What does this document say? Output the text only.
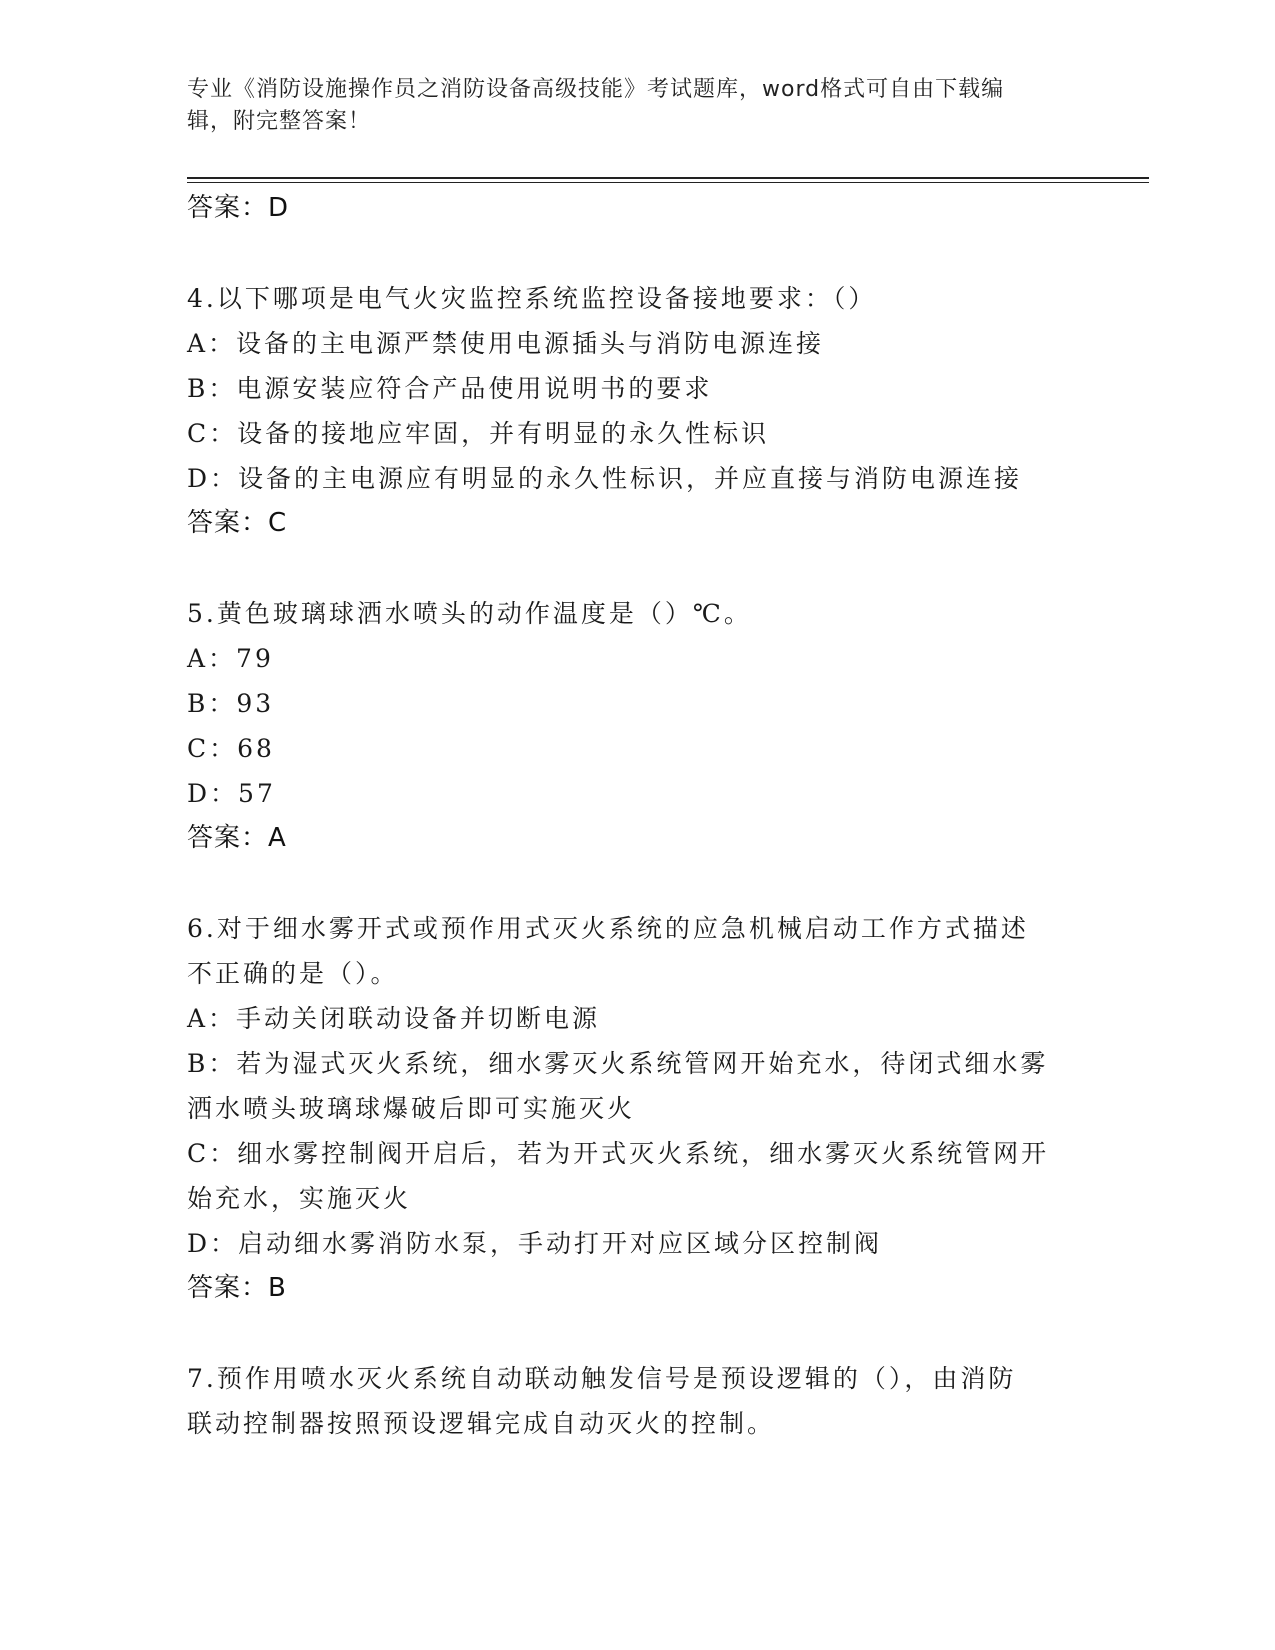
专业《消防设施操作员之消防设备高级技能》考试题库，word格式可自由下载编
辑，附完整答案！
答案：D
4.以下哪项是电气火灾监控系统监控设备接地要求：（）
A：设备的主电源严禁使用电源插头与消防电源连接
B：电源安装应符合产品使用说明书的要求
C：设备的接地应牢固，并有明显的永久性标识
D：设备的主电源应有明显的永久性标识，并应直接与消防电源连接
答案：C
5.黄色玻璃球洒水喷头的动作温度是（）℃。
A：79
B：93
C：68
D：57
答案：A
6.对于细水雾开式或预作用式灭火系统的应急机械启动工作方式描述
不正确的是（）。
A：手动关闭联动设备并切断电源
B：若为湿式灭火系统，细水雾灭火系统管网开始充水，待闭式细水雾
洒水喷头玻璃球爆破后即可实施灭火
C：细水雾控制阀开启后，若为开式灭火系统，细水雾灭火系统管网开
始充水，实施灭火
D：启动细水雾消防水泵，手动打开对应区域分区控制阀
答案：B
7.预作用喷水灭火系统自动联动触发信号是预设逻辑的（），由消防
联动控制器按照预设逻辑完成自动灭火的控制。
